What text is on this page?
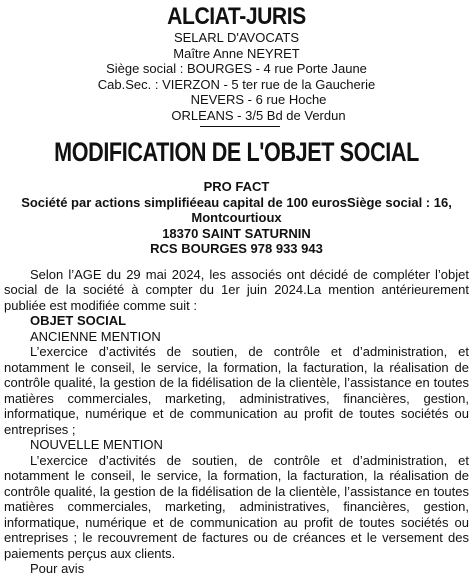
ALCIAT-JURIS
SELARL D'AVOCATS
Maître Anne NEYRET
Siège social : BOURGES - 4 rue Porte Jaune
Cab.Sec. : VIERZON - 5 ter rue de la Gaucherie
NEVERS - 6 rue Hoche
ORLEANS - 3/5 Bd de Verdun
MODIFICATION DE L'OBJET SOCIAL
PRO FACT
Société par actions simplifiéeau capital de 100 eurosSiège social : 16, Montcourtioux
18370 SAINT SATURNIN
RCS BOURGES 978 933 943

Selon l’AGE du 29 mai 2024, les associés ont décidé de compléter l’objet social de la société à compter du 1er juin 2024.La mention antérieurement publiée est modifiée comme suit :

OBJET SOCIAL

ANCIENNE MENTION

L’exercice d’activités de soutien, de contrôle et d’administration, et notamment le conseil, le service, la formation, la facturation, la réalisation de contrôle qualité, la gestion de la fidélisation de la clientèle, l’assistance en toutes matières commerciales, marketing, administratives, financières, gestion, informatique, numérique et de communication au profit de toutes sociétés ou entreprises ;

NOUVELLE MENTION

L’exercice d’activités de soutien, de contrôle et d’administration, et notamment le conseil, le service, la formation, la facturation, la réalisation de contrôle qualité, la gestion de la fidélisation de la clientèle, l’assistance en toutes matières commerciales, marketing, administratives, financières, gestion, informatique, numérique et de communication au profit de toutes sociétés ou entreprises ; le recouvrement de factures ou de créances et le versement des paiements perçus aux clients.

Pour avis
